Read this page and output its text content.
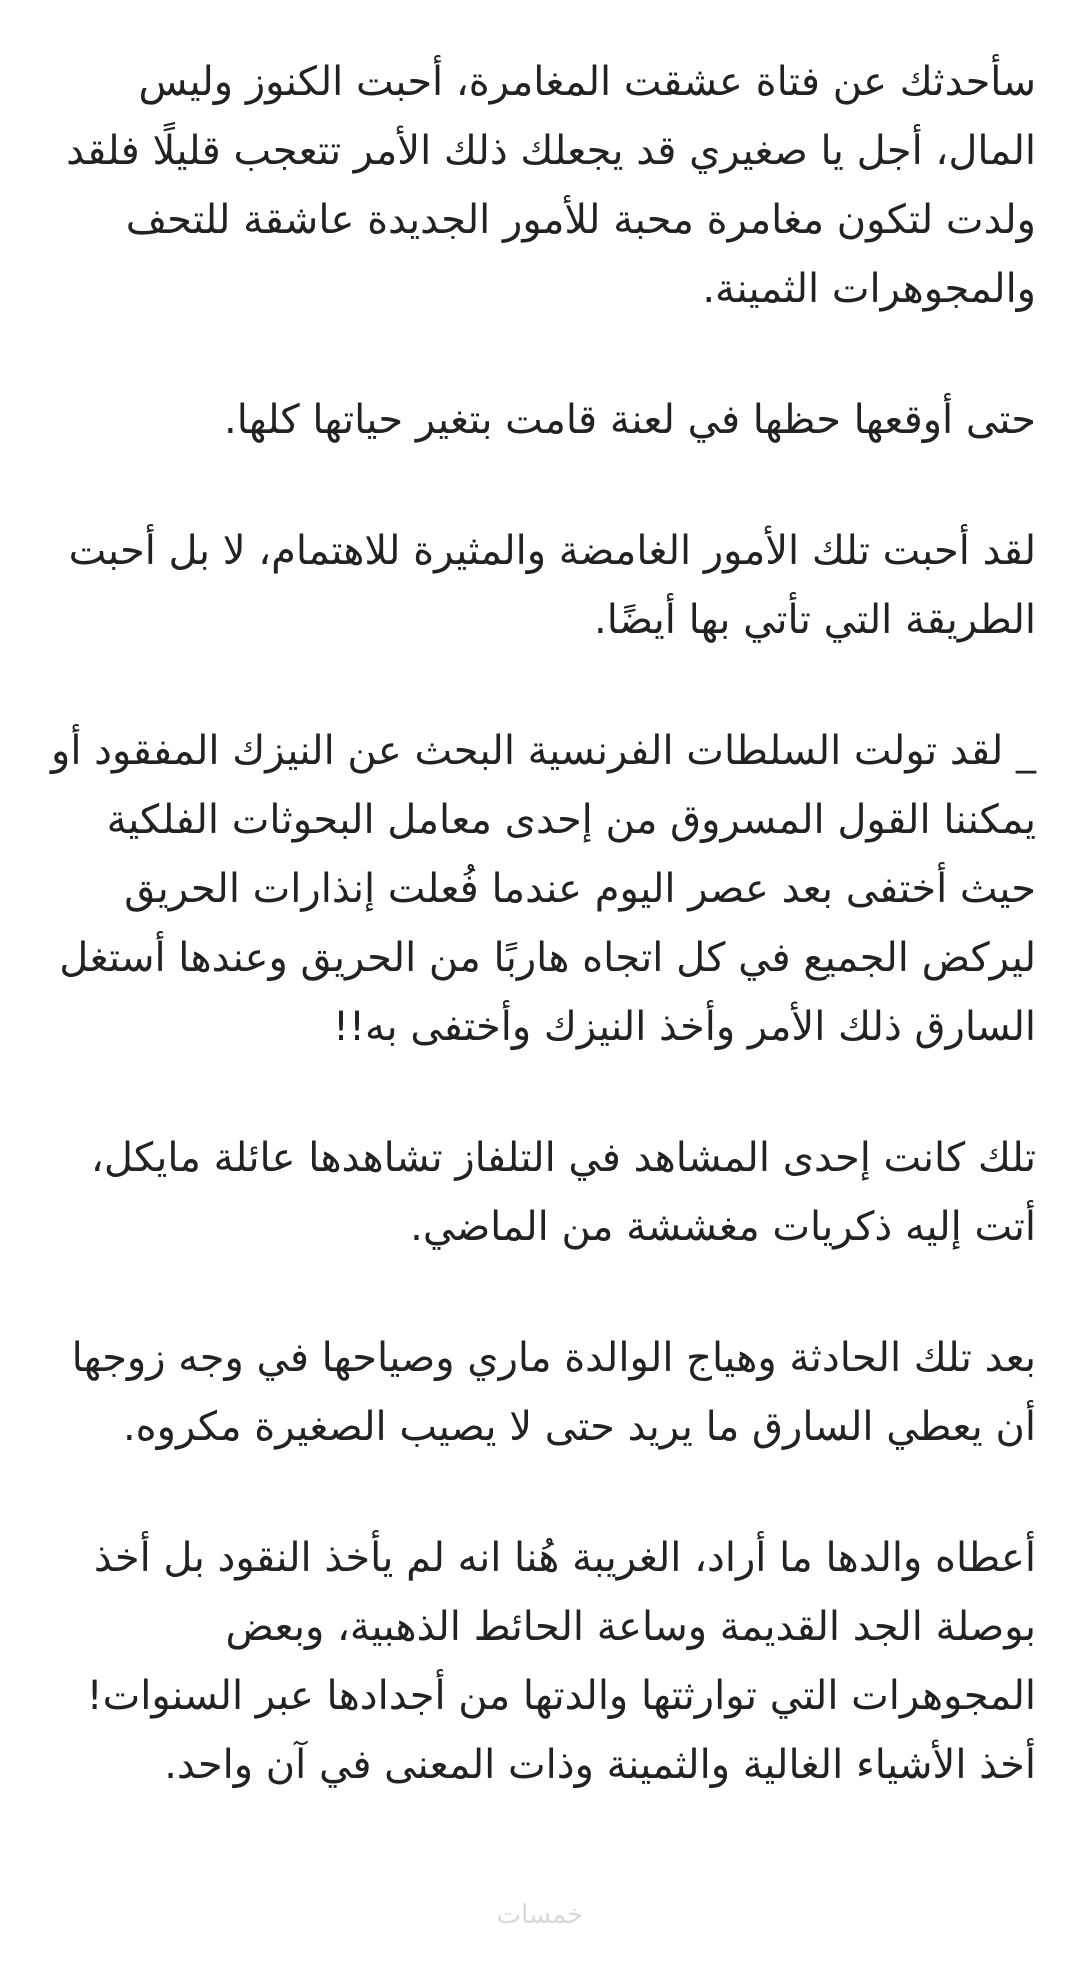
سأحدثك عن فتاة عشقت المغامرة، أحبت الكنوز وليس المال، أجل يا صغيري قد يجعلك ذلك الأمر تتعجب قليلًا فلقد ولدت لتكون مغامرة محبة للأمور الجديدة عاشقة للتحف والمجوهرات الثمينة.

حتى أوقعها حظها في لعنة قامت بتغير حياتها كلها.

لقد أحبت تلك الأمور الغامضة والمثيرة للاهتمام، لا بل أحبت الطريقة التي تأتي بها أيضًا.

_ لقد تولت السلطات الفرنسية البحث عن النيزك المفقود أو يمكننا القول المسروق من إحدى معامل البحوثات الفلكية حيث أختفى بعد عصر اليوم عندما فُعلت إنذارات الحريق ليركض الجميع في كل اتجاه هاربًا من الحريق وعندها أستغل السارق ذلك الأمر وأخذ النيزك وأختفى به!!

تلك كانت إحدى المشاهد في التلفاز تشاهدها عائلة مايكل، أتت إليه ذكريات مغششة من الماضي.

بعد تلك الحادثة وهياج الوالدة ماري وصياحها في وجه زوجها أن يعطي السارق ما يريد حتى لا يصيب الصغيرة مكروه.

أعطاه والدها ما أراد، الغريبة هُنا انه لم يأخذ النقود بل أخذ بوصلة الجد القديمة وساعة الحائط الذهبية، وبعض المجوهرات التي توارثتها والدتها من أجدادها عبر السنوات! أخذ الأشياء الغالية والثمينة وذات المعنى في آن واحد.

خمسات
